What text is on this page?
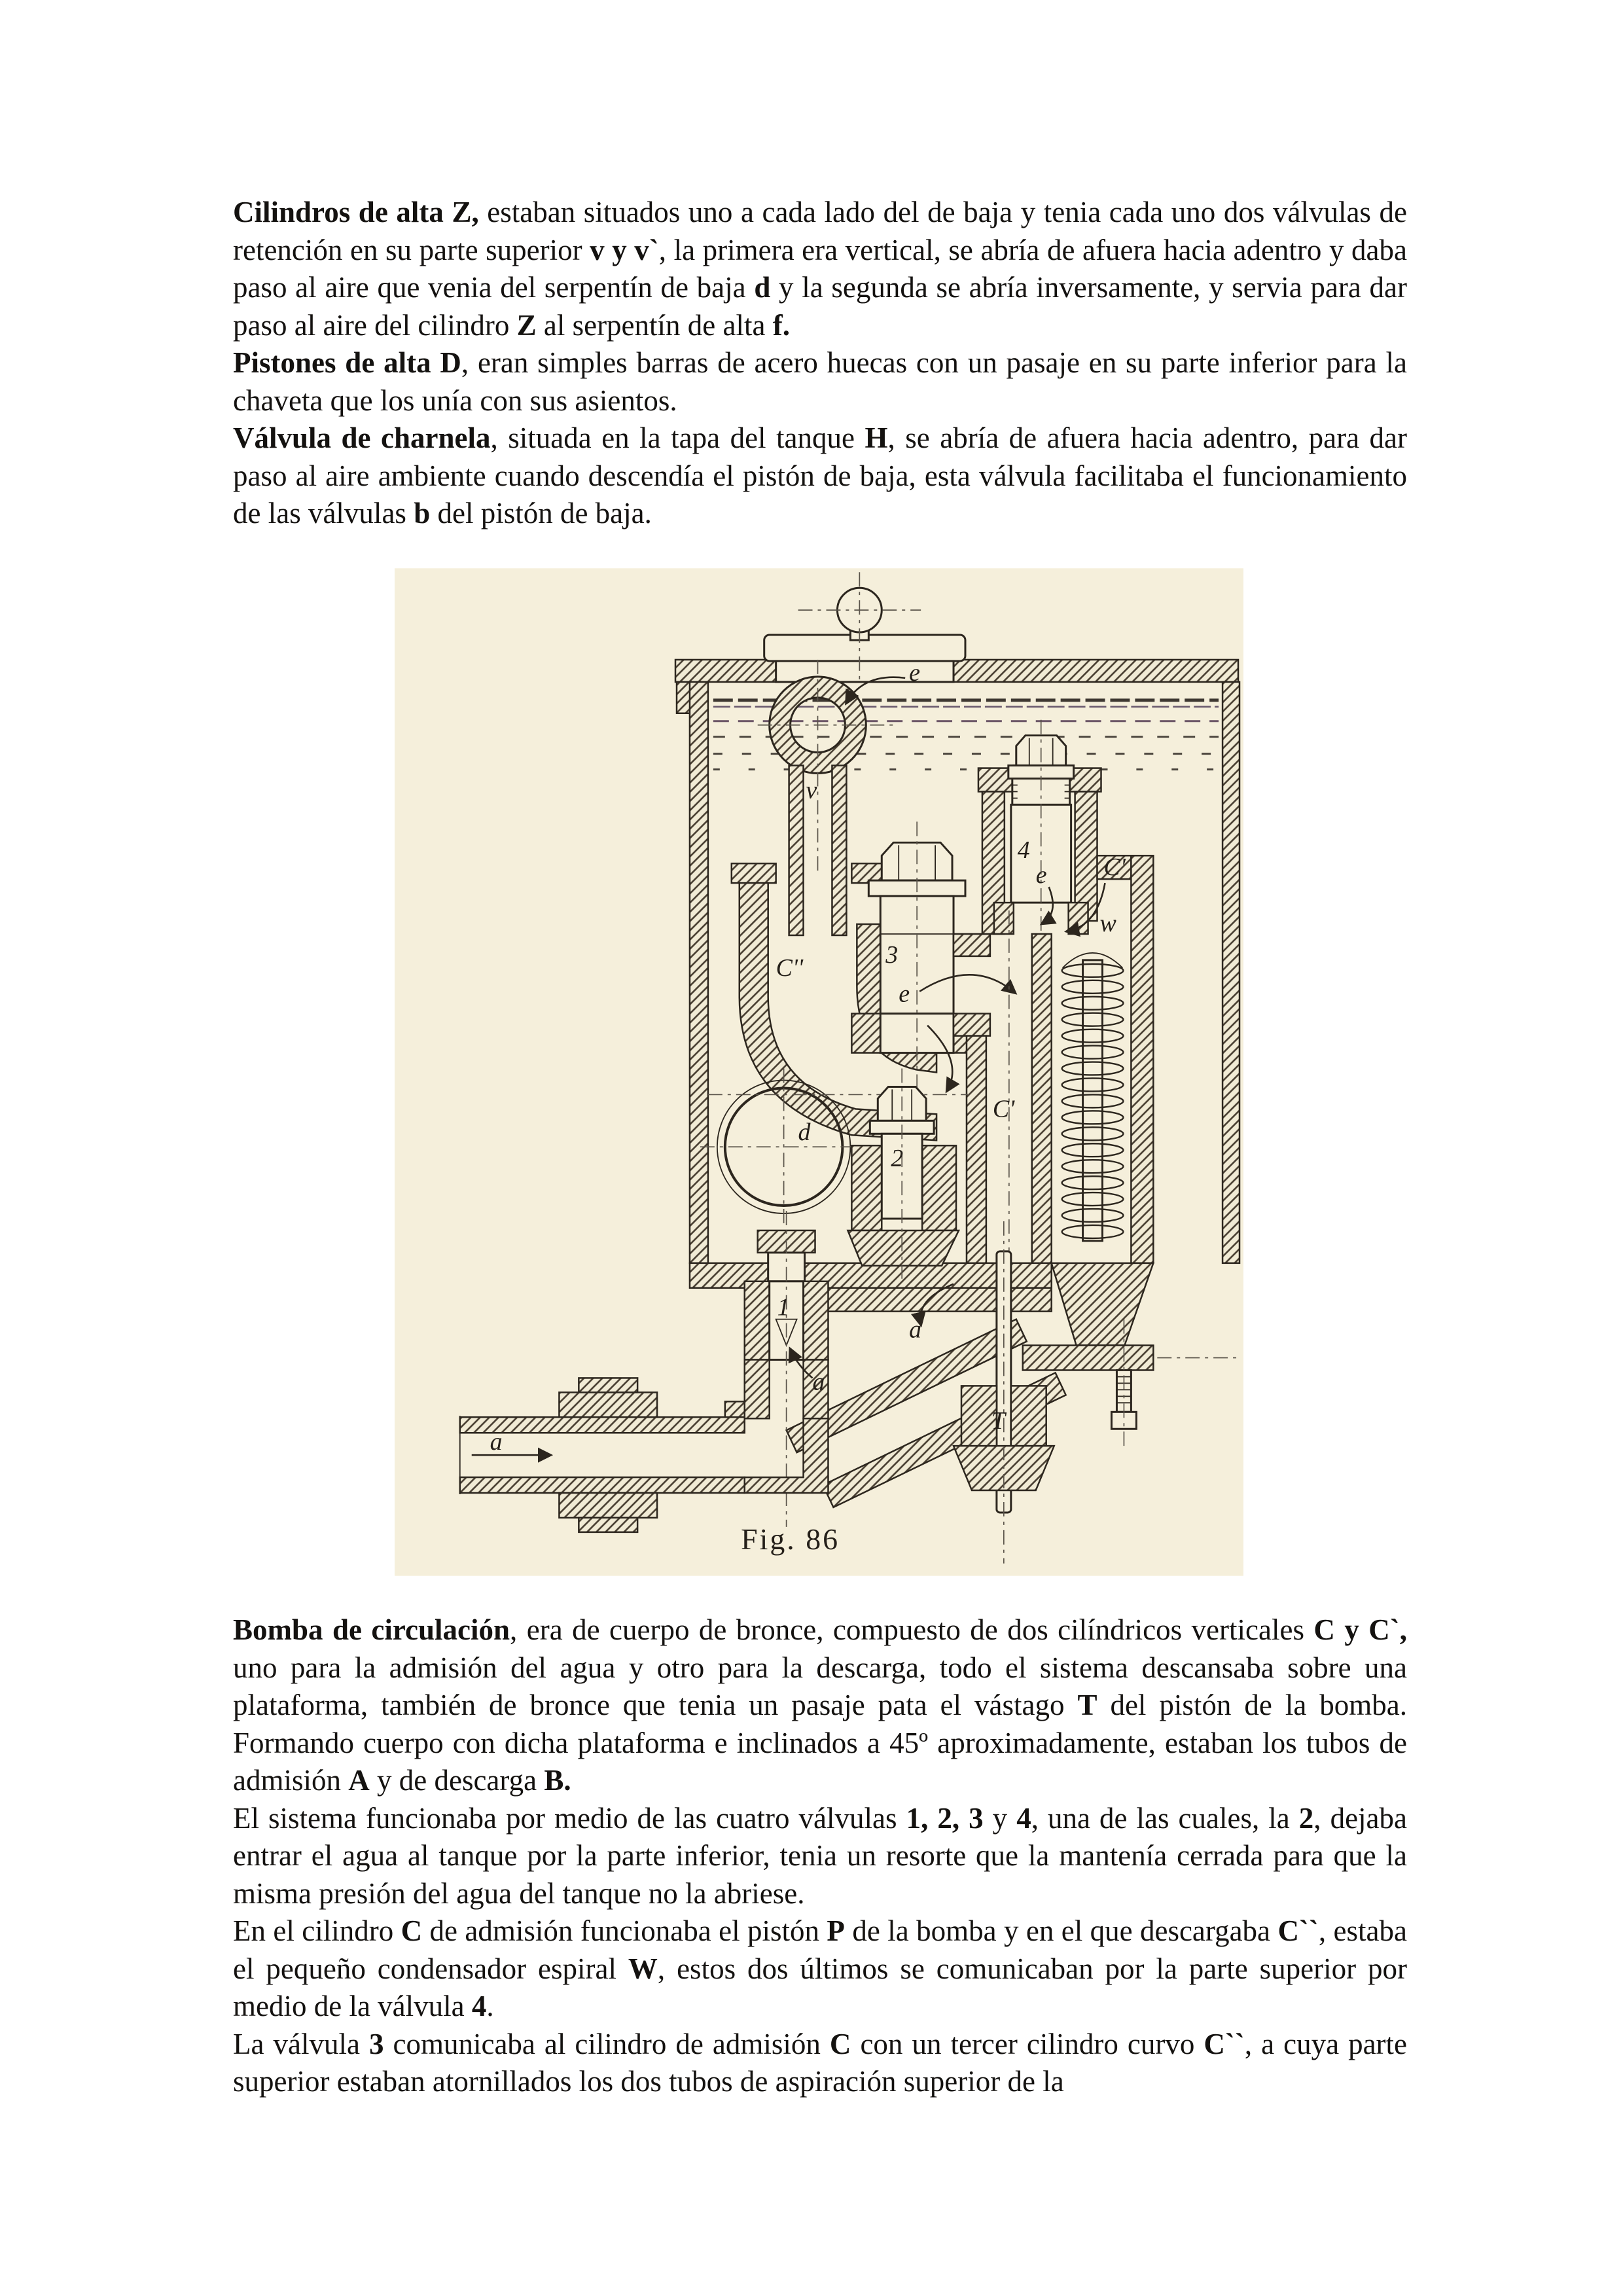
Cilindros de alta Z, estaban situados uno a cada lado del de baja y tenia cada uno dos válvulas de retención en su parte superior v y v`, la primera era vertical, se abría de afuera hacia adentro y daba paso al aire que venia del serpentín de baja d y la segunda se abría inversamente, y servia para dar paso al aire del cilindro Z al serpentín de alta f.

Pistones de alta D, eran simples barras de acero huecas con un pasaje en su parte inferior para la chaveta que los unía con sus asientos.

Válvula de charnela, situada en la tapa del tanque H, se abría de afuera hacia adentro, para dar paso al aire ambiente cuando descendía el pistón de baja, esta válvula facilitaba el funcionamiento de las válvulas b del pistón de baja.

e
v
C''	3
e
4
e C'
w
C'
d
2
1
a
a
T
a
Fig. 86

Bomba de circulación, era de cuerpo de bronce, compuesto de dos cilíndricos verticales C y C`, uno para la admisión del agua y otro para la descarga, todo el sistema descansaba sobre una plataforma, también de bronce que tenia un pasaje pata el vástago T del pistón de la bomba. Formando cuerpo con dicha plataforma e inclinados a 45º aproximadamente, estaban los tubos de admisión A y de descarga B.

El sistema funcionaba por medio de las cuatro válvulas 1, 2, 3 y 4, una de las cuales, la 2, dejaba entrar el agua al tanque por la parte inferior, tenia un resorte que la mantenía cerrada para que la misma presión del agua del tanque no la abriese.

En el cilindro C de admisión funcionaba el pistón P de la bomba y en el que descargaba C``, estaba el pequeño condensador espiral W, estos dos últimos se comunicaban por la parte superior por medio de la válvula 4.

La válvula 3 comunicaba al cilindro de admisión C con un tercer cilindro curvo C``, a cuya parte superior estaban atornillados los dos tubos de aspiración superior de la
